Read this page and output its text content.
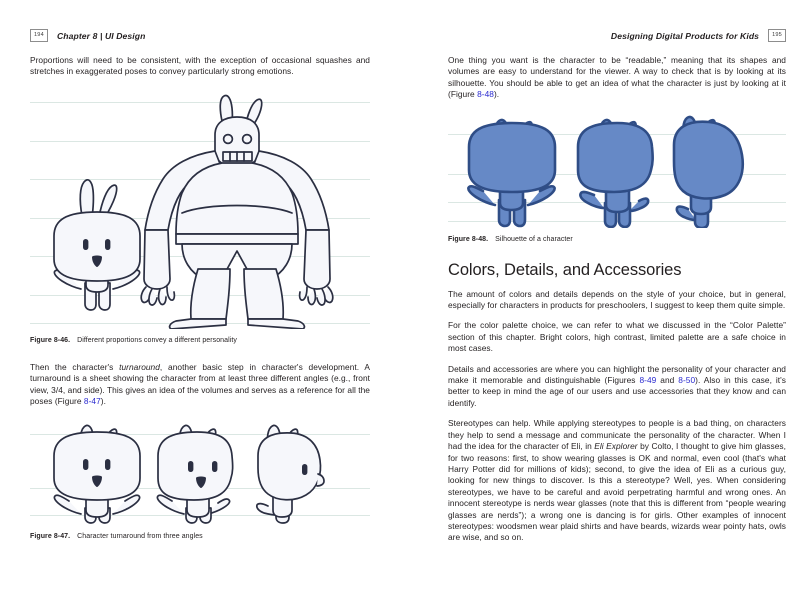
194	Chapter 8 | UI Design

Proportions will need to be consistent, with the exception of occasional squashes and stretches in exaggerated poses to convey particularly strong emotions.

Figure 8-46. Different proportions convey a different personality

Then the character's turnaround, another basic step in character's development. A turnaround is a sheet showing the character from at least three different angles (e.g., front view, 3/4, and side). This gives an idea of the volumes and serves as a reference for all the poses (Figure 8-47).

Figure 8-47. Character turnaround from three angles

Designing Digital Products for Kids	195

One thing you want is the character to be “readable,” meaning that its shapes and volumes are easy to understand for the viewer. A way to check that is by looking at its silhouette. You should be able to get an idea of what the character is just by looking at it (Figure 8-48).

Figure 8-48. Silhouette of a character

Colors, Details, and Accessories

The amount of colors and details depends on the style of your choice, but in general, especially for characters in products for preschoolers, I suggest to keep them quite simple.

For the color palette choice, we can refer to what we discussed in the “Color Palette” section of this chapter. Bright colors, high contrast, limited palette are a safe choice in most cases.

Details and accessories are where you can highlight the personality of your character and make it memorable and distinguishable (Figures 8-49 and 8-50). Also in this case, it's better to keep in mind the age of our users and use accessories that they know and can identify.

Stereotypes can help. While applying stereotypes to people is a bad thing, on characters they help to send a message and communicate the personality of the character. When I had the idea for the character of Eli, in Eli Explorer by Colto, I thought to give him glasses, for two reasons: first, to show wearing glasses is OK and normal, even cool (that's what Harry Potter did for millions of kids); second, to give the idea of Eli as a curious guy, looking for new things to discover. Is this a stereotype? Well, yes. When considering stereotypes, we have to be careful and avoid perpetrating harmful and wrong ones. An innocent stereotype is nerds wear glasses (note that this is different from “people wearing glasses are nerds”); a wrong one is dancing is for girls. Other examples of innocent stereotypes: woodsmen wear plaid shirts and have beards, wizards wear pointy hats, owls are wise, and so on.
